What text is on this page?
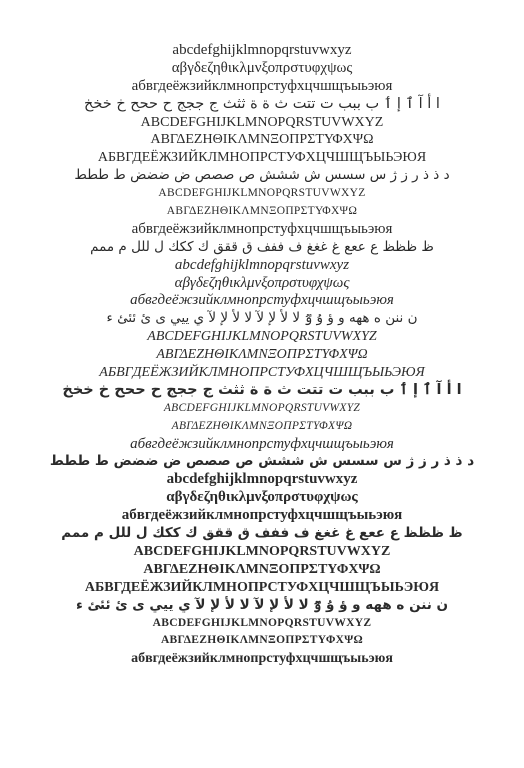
abcdefghijklmnopqrstuvwxyz
αβγδεζηθικλμνξοπρστυφχψως
абвгдеёжзийклмнопрстуфхцчшщъыьэюя
ا أ آ ٱ إ ٲ ب ببب ت تتت ث ة ة ثثث ج ججج ح ححح خ خخخ
ABCDEFGHIJKLMNOPQRSTUVWXYZ
ΑΒΓΔΕΖΗΘΙΚΛΜΝΞΟΠΡΣΤΥΦΧΨΩ
АБВГДЕЁЖЗИЙКЛМНОПРСТУФХЦЧШЩЪЫЬЭЮЯ
د ذ ذ ر ز ژ س سسس ش ششش ص صصص ض ضضض ط ططط
ABCDEFGHIJKLMNOPQRSTUVWXYZ
ΑΒΓΔΕΖΗΘΙΚΛΜΝΞΟΠΡΣΤΥΦΧΨΩ
абвгдеёжзийклмнопрстуфхцчшщъыьэюя
ظ ظظظ ع ععع غ غغغ ف ففف ق ققق ك ككك ل للل م ممم
abcdefghijklmnopqrstuvwxyz
αβγδεζηθικλμνξοπρστυφχψως
абвгдеёжзийклмнопрстуфхцчшщъыьэюя
ن ننن ه ههه و ؤ ۇ ٷ لا لأ لإ لآ لا لأ لإ لآ ي ييي ى ئ ئئئ ء
ABCDEFGHIJKLMNOPQRSTUVWXYZ
ΑΒΓΔΕΖΗΘΙΚΛΜΝΞΟΠΡΣΤΥΦΧΨΩ
АБВГДЕЁЖЗИЙКЛМНОПРСТУФХЦЧШЩЪЫЬЭЮЯ
ا أ آ ٱ إ ٲ ب ببب ت تتت ث ة ة ثثث ج ججج ح ححح خ خخخ
ABCDEFGHIJKLMNOPQRSTUVWXYZ
ΑΒΓΔΕΖΗΘΙΚΛΜΝΞΟΠΡΣΤΥΦΧΨΩ
абвгдеёжзийклмнопрстуфхцчшщъыьэюя
د ذ ذ ر ز ژ س سسس ش ششش ص صصص ض ضضض ط ططط
abcdefghijklmnopqrstuvwxyz
αβγδεζηθικλμνξοπρστυφχψως
абвгдеёжзийклмнопрстуфхцчшщъыьэюя
ظ ظظظ ع ععع غ غغغ ف ففف ق ققق ك ككك ل للل م ممم
ABCDEFGHIJKLMNOPQRSTUVWXYZ
ΑΒΓΔΕΖΗΘΙΚΛΜΝΞΟΠΡΣΤΥΦΧΨΩ
АБВГДЕЁЖЗИЙКЛМНОПРСТУФХЦЧШЩЪЫЬЭЮЯ
ن ننن ه ههه و ؤ ۇ ٷ لا لأ لإ لآ لا لأ لإ لآ ي ييي ى ئ ئئئ ء
ABCDEFGHIJKLMNOPQRSTUVWXYZ
ΑΒΓΔΕΖΗΘΙΚΛΜΝΞΟΠΡΣΤΥΦΧΨΩ
абвгдеёжзийклмнопрстуфхцчшщъыьэюя
